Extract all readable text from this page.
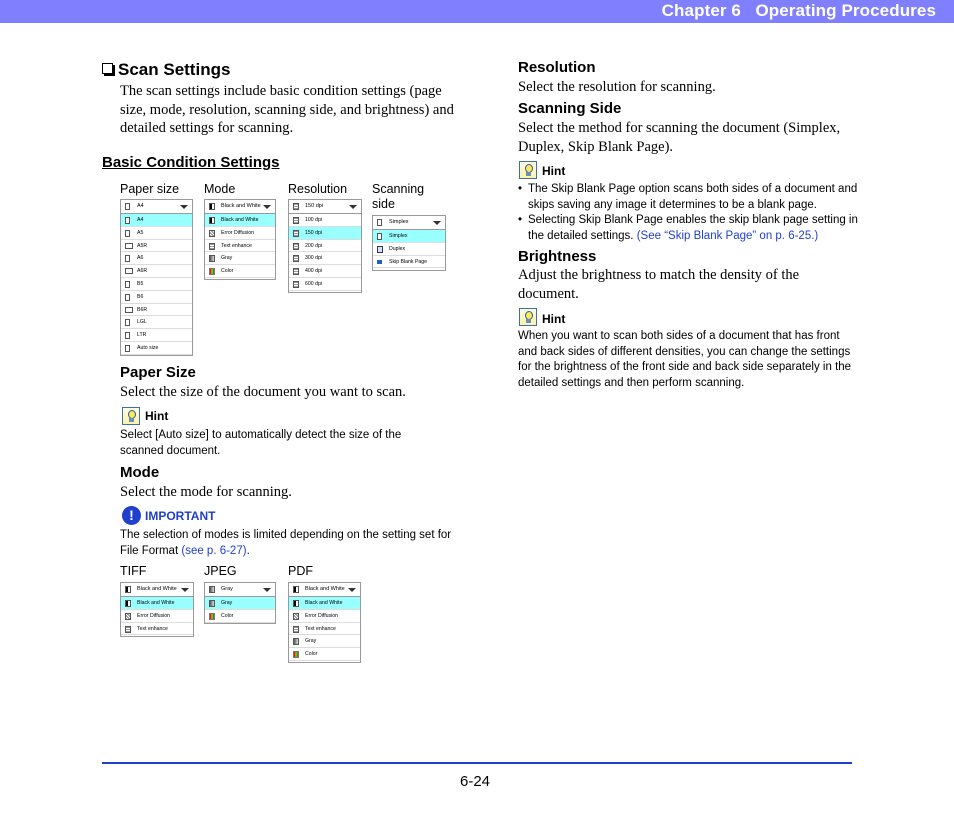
Chapter 6   Operating Procedures
Scan Settings
The scan settings include basic condition settings (page size, mode, resolution, scanning side, and brightness) and detailed settings for scanning.
Basic Condition Settings
Paper size Mode	Resolution Scanning side
A4
A4
A5
A5R
A6
A6R
B5
B6
B6R
LGL
LTR
Auto size
Black and White
Black and White
Error Diffusion
Text enhance
Gray
Color
150 dpi
100 dpi
150 dpi
200 dpi
300 dpi
400 dpi
600 dpi
Simplex
Simplex
Duplex
Skip Blank Page
Paper Size
Select the size of the document you want to scan.
Hint
Select [Auto size] to automatically detect the size of the scanned document.
Mode
Select the mode for scanning.
! IMPORTANT
The selection of modes is limited depending on the setting set for File Format (see p. 6-27).
TIFF	JPEG	PDF
Black and White
Black and White
Error Diffusion
Text enhance
Gray
Gray
Color
Black and White
Black and White
Error Diffusion
Text enhance
Gray
Color
Resolution
Select the resolution for scanning.
Scanning Side
Select the method for scanning the document (Simplex, Duplex, Skip Blank Page).
Hint
• The Skip Blank Page option scans both sides of a document and skips saving any image it determines to be a blank page.
• Selecting Skip Blank Page enables the skip blank page setting in the detailed settings. (See “Skip Blank Page” on p. 6-25.)
Brightness
Adjust the brightness to match the density of the document.
Hint
When you want to scan both sides of a document that has front and back sides of different densities, you can change the settings for the brightness of the front side and back side separately in the detailed settings and then perform scanning.
6-24
